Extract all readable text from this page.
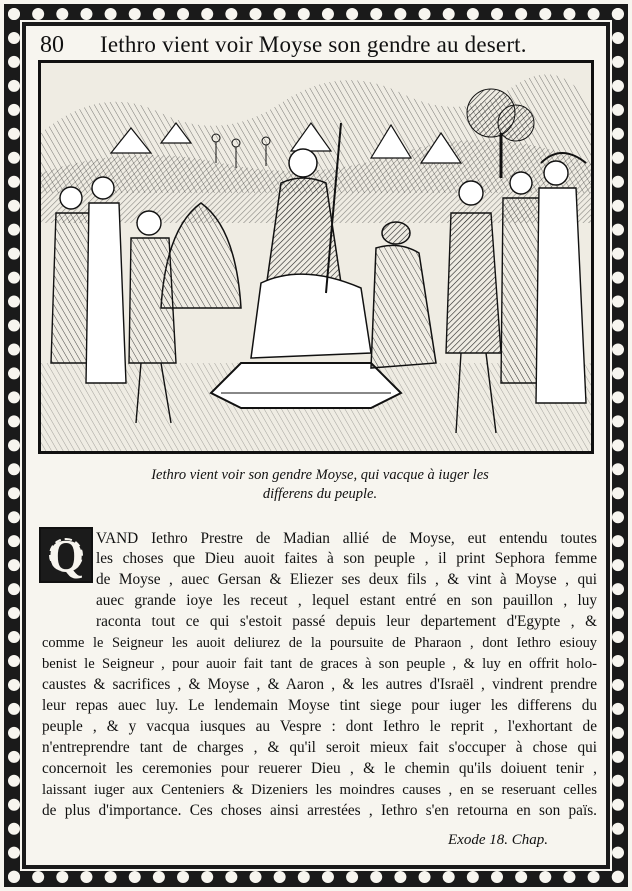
80 Iethro vient voir Moyse son gendre au desert.
Iethro vient voir son gendre Moyse, qui vacque à iuger les
differens du peuple.
Q VAND Iethro Prestre de Madian allié de Moyse, eut entendu toutes
les choses que Dieu auoit faites à son peuple , il print Sephora femme
de Moyse , auec Gersan & Eliezer ses deux fils , & vint à Moyse , qui
auec grande ioye les receut , lequel estant entré en son pauillon , luy
raconta tout ce qui s'estoit passé depuis leur departement d'Egypte , &
comme le Seigneur les auoit deliurez de la poursuite de Pharaon , dont Iethro esiouy
benist le Seigneur , pour auoir fait tant de graces à son peuple , & luy en offrit holo-
caustes & sacrifices , & Moyse , & Aaron , & les autres d'Israël , vindrent prendre
leur repas auec luy. Le lendemain Moyse tint siege pour iuger les differens du
peuple , & y vacqua iusques au Vespre : dont Iethro le reprit , l'exhortant de
n'entreprendre tant de charges , & qu'il seroit mieux fait s'occuper à chose qui
concernoit les ceremonies pour reuerer Dieu , & le chemin qu'ils doiuent tenir ,
laissant iuger aux Centeniers & Dizeniers les moindres causes , en se reseruant celles
de plus d'importance. Ces choses ainsi arrestées , Iethro s'en retourna en son païs.
Exode 18. Chap.
